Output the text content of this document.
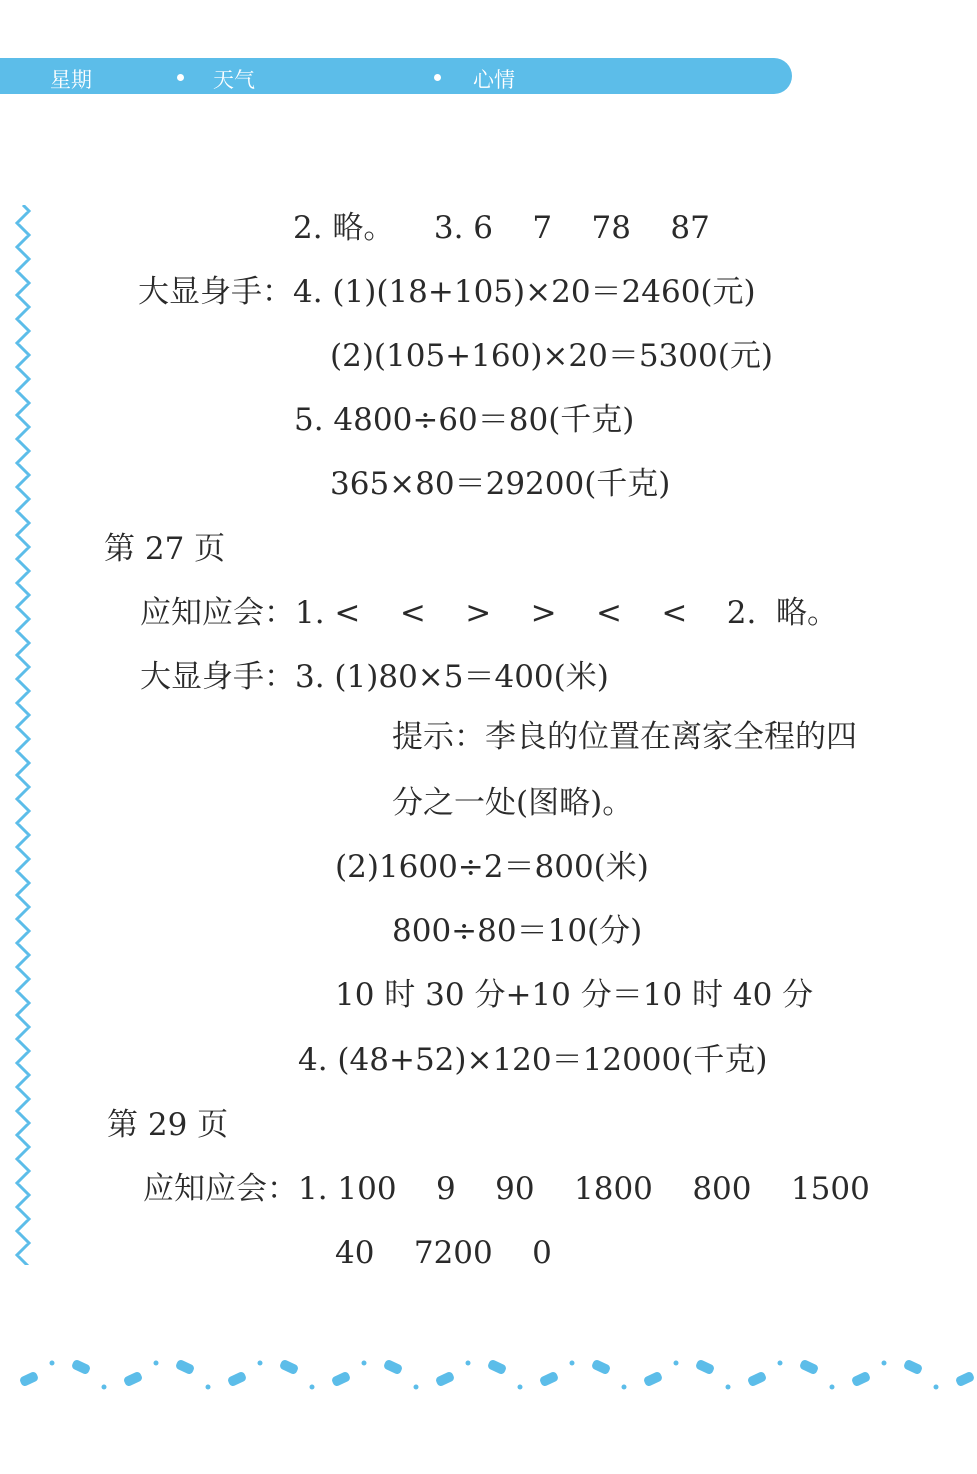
星期	天气	心情
2. 略。    3. 6    7    78    87
大显身手：4. (1)(18+105)×20＝2460(元)
(2)(105+160)×20＝5300(元)
5. 4800÷60＝80(千克)
365×80＝29200(千克)
第 27 页
应知应会：1. <    <    >    >    <    <    2.  略。
大显身手：3. (1)80×5＝400(米)
提示：李良的位置在离家全程的四
分之一处(图略)。
(2)1600÷2＝800(米)
800÷80＝10(分)
10 时 30 分+10 分＝10 时 40 分
4. (48+52)×120＝12000(千克)
第 29 页
应知应会：1. 100    9    90    1800    800    1500
40    7200    0
